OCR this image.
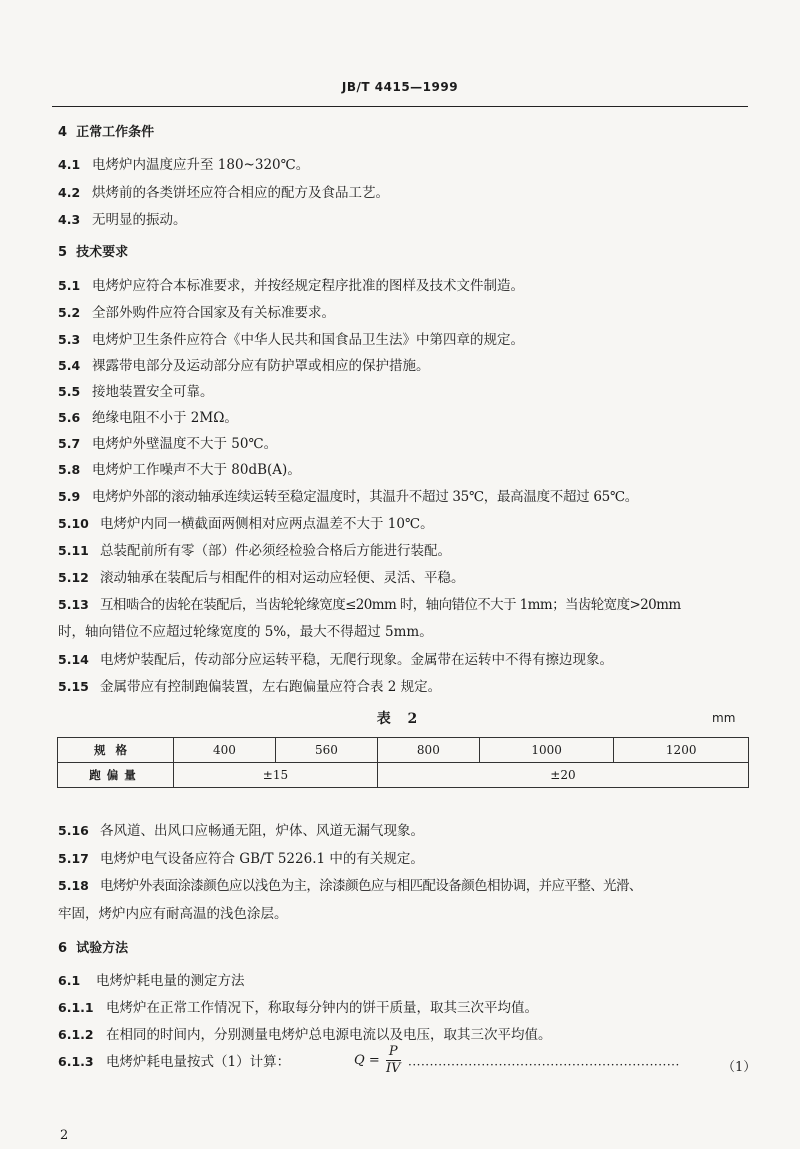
JB/T 4415—1999
4 正常工作条件
4.1 电烤炉内温度应升至 180~320℃。
4.2 烘烤前的各类饼坯应符合相应的配方及食品工艺。
4.3 无明显的振动。
5 技术要求
5.1 电烤炉应符合本标准要求，并按经规定程序批准的图样及技术文件制造。
5.2 全部外购件应符合国家及有关标准要求。
5.3 电烤炉卫生条件应符合《中华人民共和国食品卫生法》中第四章的规定。
5.4 裸露带电部分及运动部分应有防护罩或相应的保护措施。
5.5 接地装置安全可靠。
5.6 绝缘电阻不小于 2MΩ。
5.7 电烤炉外壁温度不大于 50℃。
5.8 电烤炉工作噪声不大于 80dB(A)。
5.9 电烤炉外部的滚动轴承连续运转至稳定温度时，其温升不超过 35℃，最高温度不超过 65℃。
5.10 电烤炉内同一横截面两侧相对应两点温差不大于 10℃。
5.11 总装配前所有零（部）件必须经检验合格后方能进行装配。
5.12 滚动轴承在装配后与相配件的相对运动应轻便、灵活、平稳。
5.13 互相啮合的齿轮在装配后，当齿轮轮缘宽度≤20mm 时，轴向错位不大于 1mm；当齿轮宽度>20mm
时，轴向错位不应超过轮缘宽度的 5%，最大不得超过 5mm。
5.14 电烤炉装配后，传动部分应运转平稳，无爬行现象。金属带在运转中不得有擦边现象。
5.15 金属带应有控制跑偏装置，左右跑偏量应符合表 2 规定。
表 2	mm
规格	400	560	800	1000	1200
跑偏量	±15		±20		
5.16 各风道、出风口应畅通无阻，炉体、风道无漏气现象。
5.17 电烤炉电气设备应符合 GB/T 5226.1 中的有关规定。
5.18 电烤炉外表面涂漆颜色应以浅色为主，涂漆颜色应与相匹配设备颜色相协调，并应平整、光滑、
牢固，烤炉内应有耐高温的浅色涂层。
6 试验方法
6.1 电烤炉耗电量的测定方法
6.1.1 电烤炉在正常工作情况下，称取每分钟内的饼干质量，取其三次平均值。
6.1.2 在相同的时间内，分别测量电烤炉总电源电流以及电压，取其三次平均值。
6.1.3 电烤炉耗电量按式（1）计算：	$Q = \frac{P}{IV}$ ·······························································	（1）
2
